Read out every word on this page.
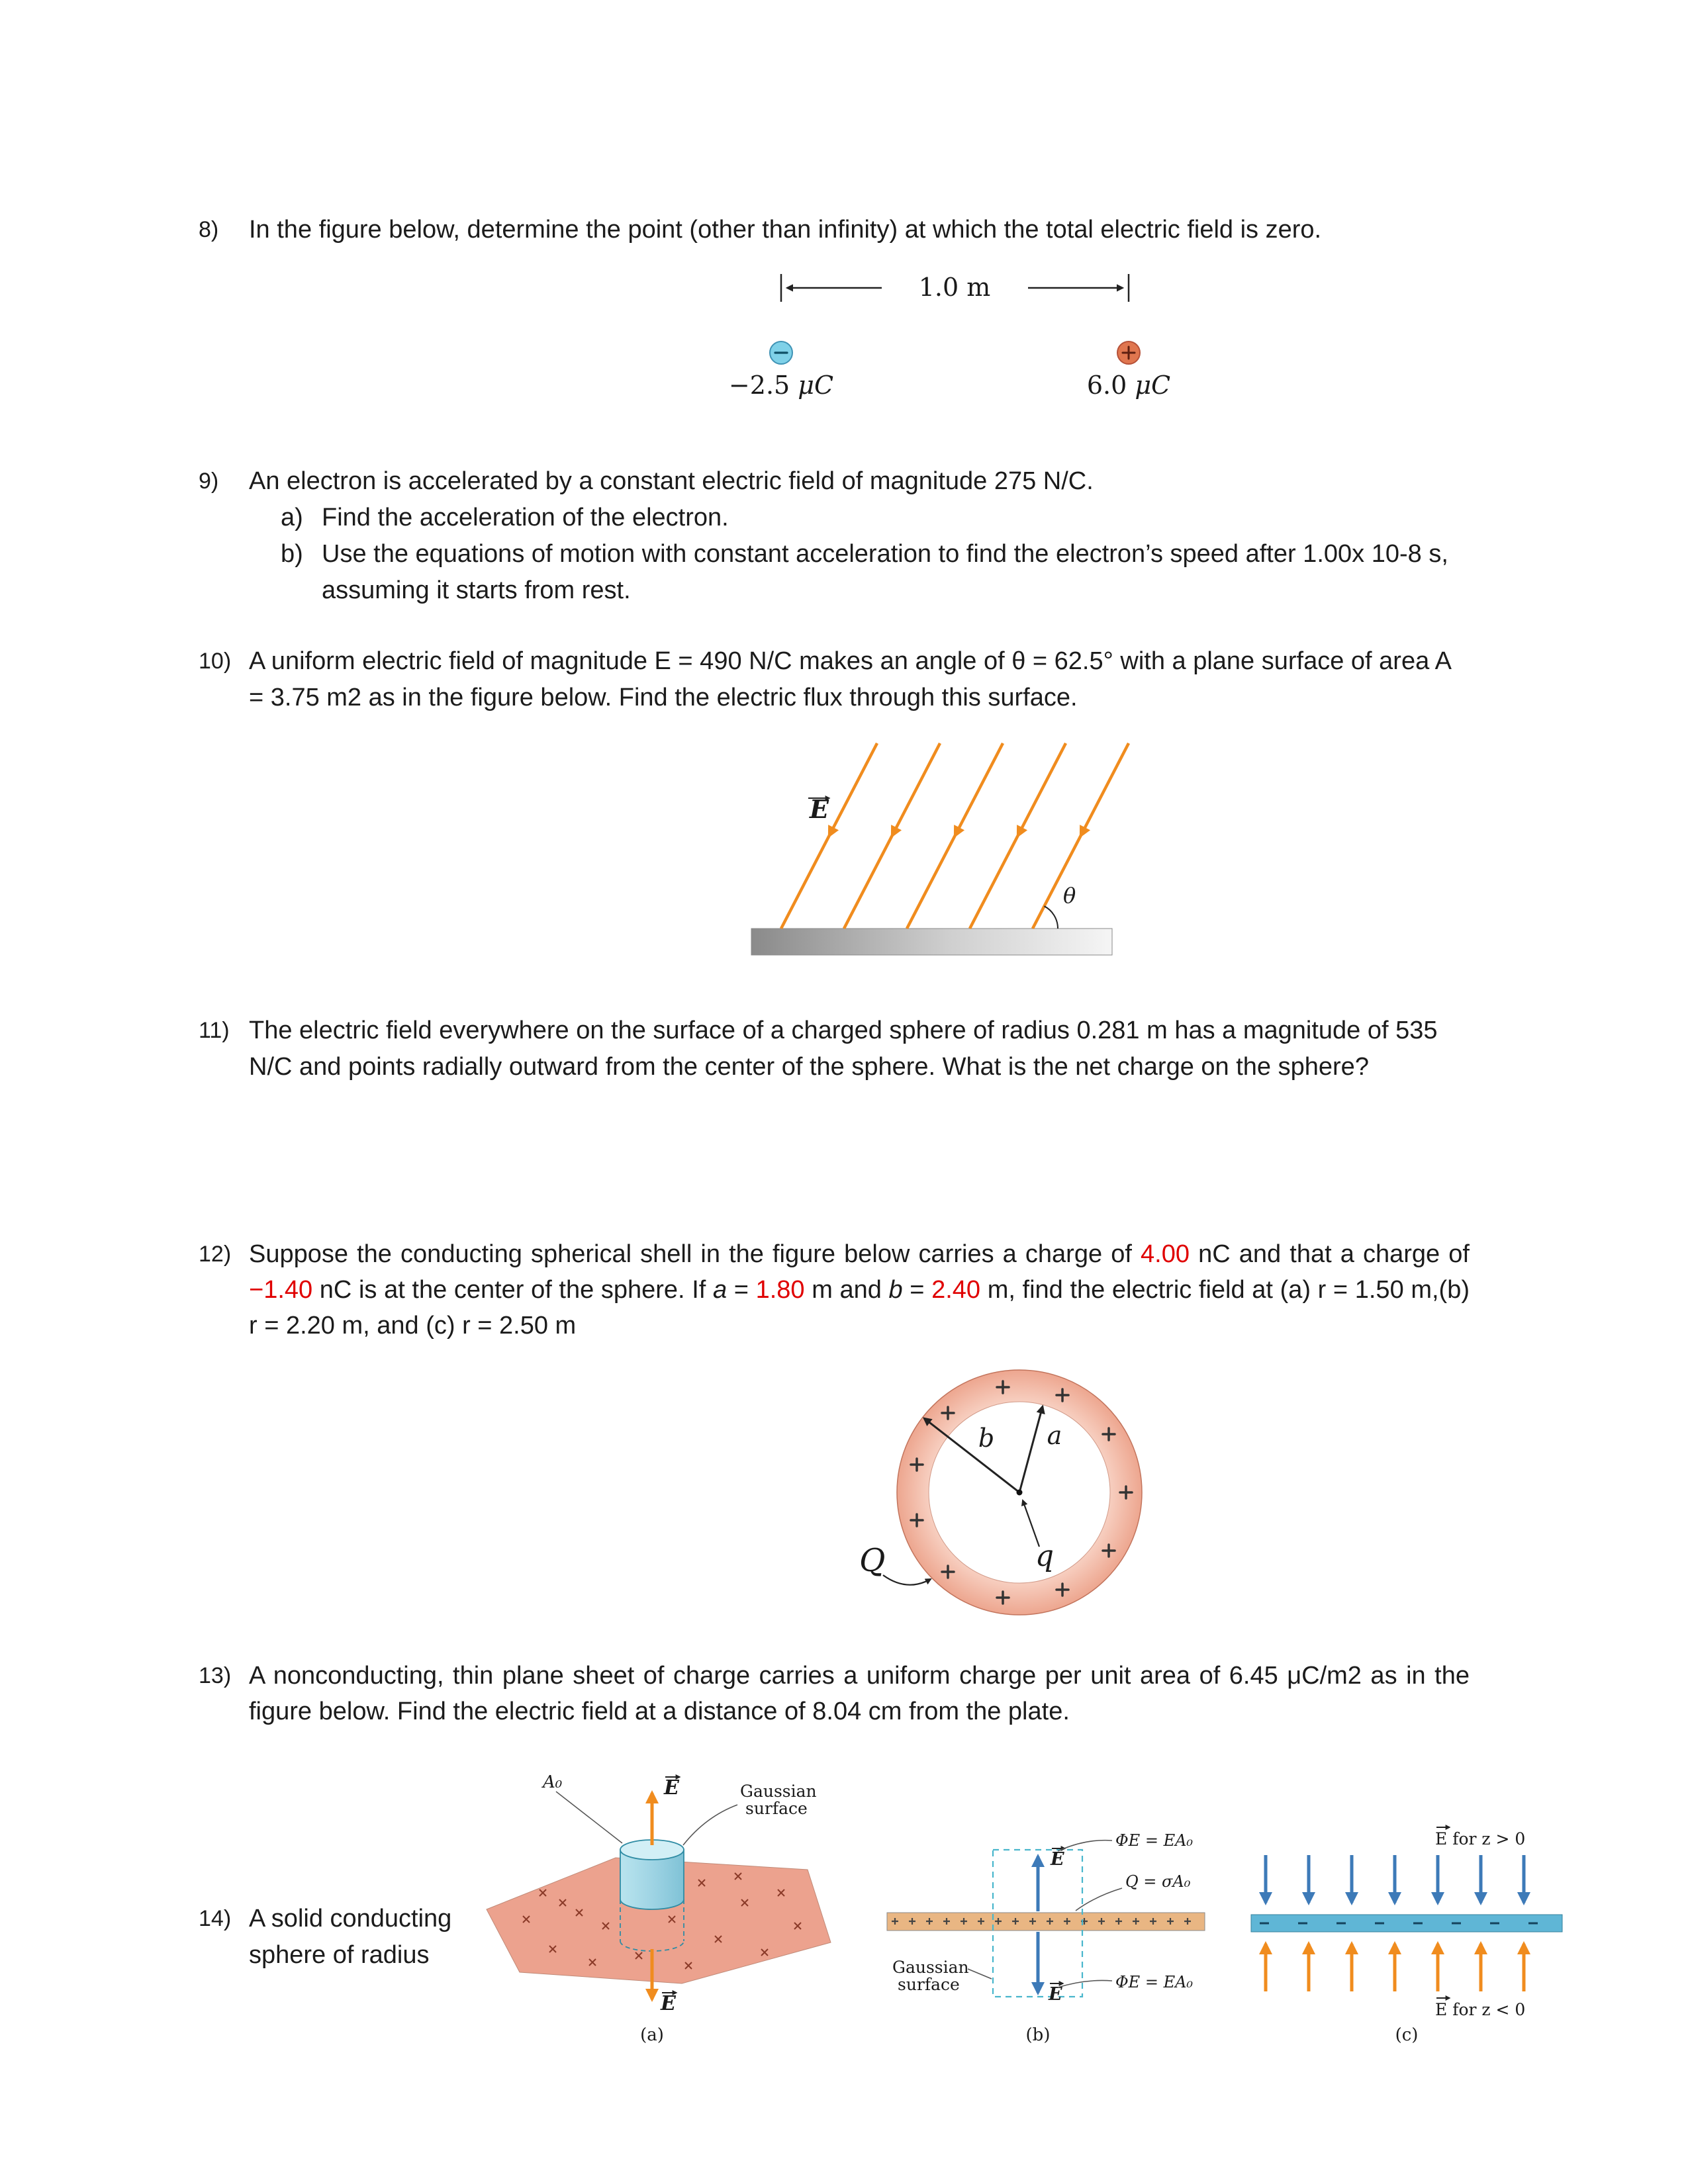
8)	In the figure below, determine the point (other than infinity) at which the total electric field is zero.
1.0 m
−2.5 μC	6.0 μC
9)	An electron is accelerated by a constant electric field of magnitude 275 N/C.
a) Find the acceleration of the electron.
b) Use the equations of motion with constant acceleration to find the electron’s speed after 1.00x 10-8 s, assuming it starts from rest.
10) A uniform electric field of magnitude E = 490 N/C makes an angle of θ = 62.5° with a plane surface of area A = 3.75 m2 as in the figure below. Find the electric flux through this surface.
E
θ
11) The electric field everywhere on the surface of a charged sphere of radius 0.281 m has a magnitude of 535 N/C and points radially outward from the center of the sphere. What is the net charge on the sphere?
12) Suppose the conducting spherical shell in the figure below carries a charge of 4.00 nC and that a charge of −1.40 nC is at the center of the sphere. If a = 1.80 m and b = 2.40 m, find the electric field at (a) r = 1.50 m,(b) r = 2.20 m, and (c) r = 2.50 m
b a
q
Q
13) A nonconducting, thin plane sheet of charge carries a uniform charge per unit area of 6.45 μC/m2 as in the figure below. Find the electric field at a distance of 8.04 cm from the plate.
14) A solid conducting sphere of radius
E
E
A₀	Gaussian
surface
(a)
E
E
ΦE = EA₀
Q = σA₀
ΦE = EA₀
Gaussian
surface
(b)
E for z > 0
E for z < 0
(c)
